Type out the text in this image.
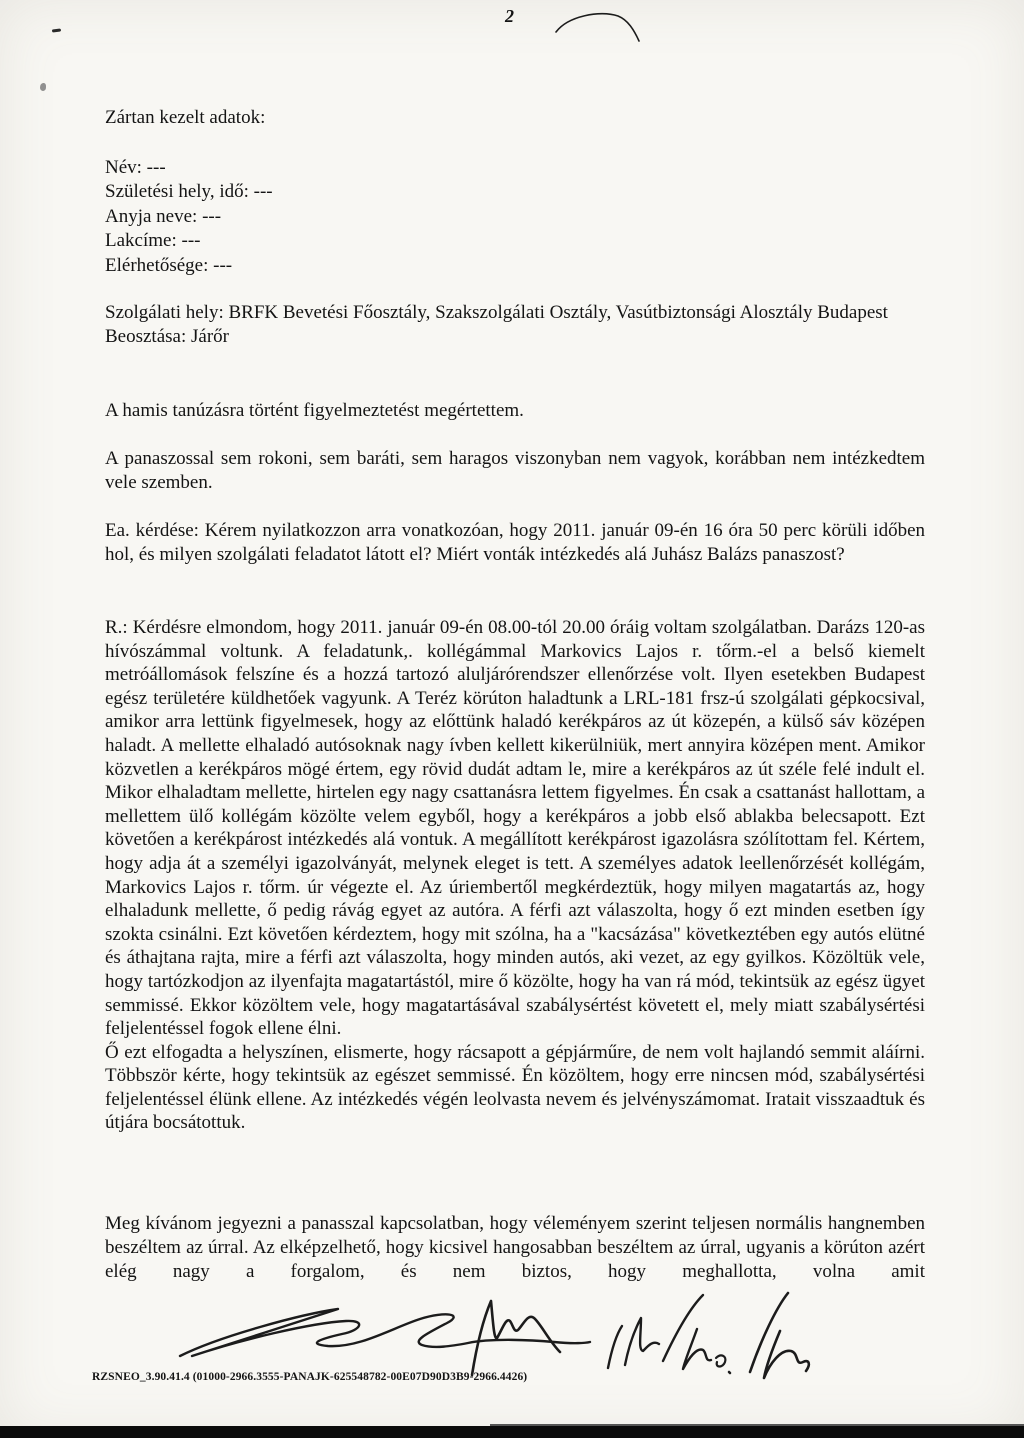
2
Zártan kezelt adatok:
Név: ---
Születési hely, idő: ---
Anyja neve: ---
Lakcíme: ---
Elérhetősége: ---

Szolgálati hely: BRFK Bevetési Főosztály, Szakszolgálati Osztály, Vasútbiztonsági Alosztály Budapest

Beosztása: Járőr

A hamis tanúzásra történt figyelmeztetést megértettem.

A panaszossal sem rokoni, sem baráti, sem haragos viszonyban nem vagyok, korábban nem intézkedtem vele szemben.

Ea. kérdése: Kérem nyilatkozzon arra vonatkozóan, hogy 2011. január 09-én 16 óra 50 perc körüli időben hol, és milyen szolgálati feladatot látott el? Miért vonták intézkedés alá Juhász Balázs panaszost?

R.: Kérdésre elmondom, hogy 2011. január 09-én 08.00-tól 20.00 óráig voltam szolgálatban. Darázs 120-as hívószámmal voltunk. A feladatunk,. kollégámmal Markovics Lajos r. tőrm.-el a belső kiemelt metróállomások felszíne és a hozzá tartozó aluljárórendszer ellenőrzése volt. Ilyen esetekben Budapest egész területére küldhetőek vagyunk. A Teréz körúton haladtunk a LRL-181 frsz-ú szolgálati gépkocsival, amikor arra lettünk figyelmesek, hogy az előttünk haladó kerékpáros az út közepén, a külső sáv középen haladt. A mellette elhaladó autósoknak nagy ívben kellett kikerülniük, mert annyira középen ment. Amikor közvetlen a kerékpáros mögé értem, egy rövid dudát adtam le, mire a kerékpáros az út széle felé indult el. Mikor elhaladtam mellette, hirtelen egy nagy csattanásra lettem figyelmes. Én csak a csattanást hallottam, a mellettem ülő kollégám közölte velem egyből, hogy a kerékpáros a jobb első ablakba belecsapott. Ezt követően a kerékpárost intézkedés alá vontuk. A megállított kerékpárost igazolásra szólítottam fel. Kértem, hogy adja át a személyi igazolványát, melynek eleget is tett. A személyes adatok leellenőrzését kollégám, Markovics Lajos r. tőrm. úr végezte el. Az úriembertől megkérdeztük, hogy milyen magatartás az, hogy elhaladunk mellette, ő pedig rávág egyet az autóra. A férfi azt válaszolta, hogy ő ezt minden esetben így szokta csinálni. Ezt követően kérdeztem, hogy mit szólna, ha a "kacsázása" következtében egy autós elütné és áthajtana rajta, mire a férfi azt válaszolta, hogy minden autós, aki vezet, az egy gyilkos. Közöltük vele, hogy tartózkodjon az ilyenfajta magatartástól, mire ő közölte, hogy ha van rá mód, tekintsük az egész ügyet semmissé. Ekkor közöltem vele, hogy magatartásával szabálysértést követett el, mely miatt szabálysértési feljelentéssel fogok ellene élni.

Ő ezt elfogadta a helyszínen, elismerte, hogy rácsapott a gépjárműre, de nem volt hajlandó semmit aláírni. Többször kérte, hogy tekintsük az egészet semmissé. Én közöltem, hogy erre nincsen mód, szabálysértési feljelentéssel élünk ellene. Az intézkedés végén leolvasta nevem és jelvényszámomat. Iratait visszaadtuk és útjára bocsátottuk.

Meg kívánom jegyezni a panasszal kapcsolatban, hogy véleményem szerint teljesen normális hangnemben beszéltem az úrral. Az elképzelhető, hogy kicsivel hangosabban beszéltem az úrral, ugyanis a körúton azért elég nagy a forgalom, és nem biztos, hogy meghallotta, volna amit

RZSNEO_3.90.41.4 (01000-2966.3555-PANAJK-625548782-00E07D90D3B9-2966.4426)
